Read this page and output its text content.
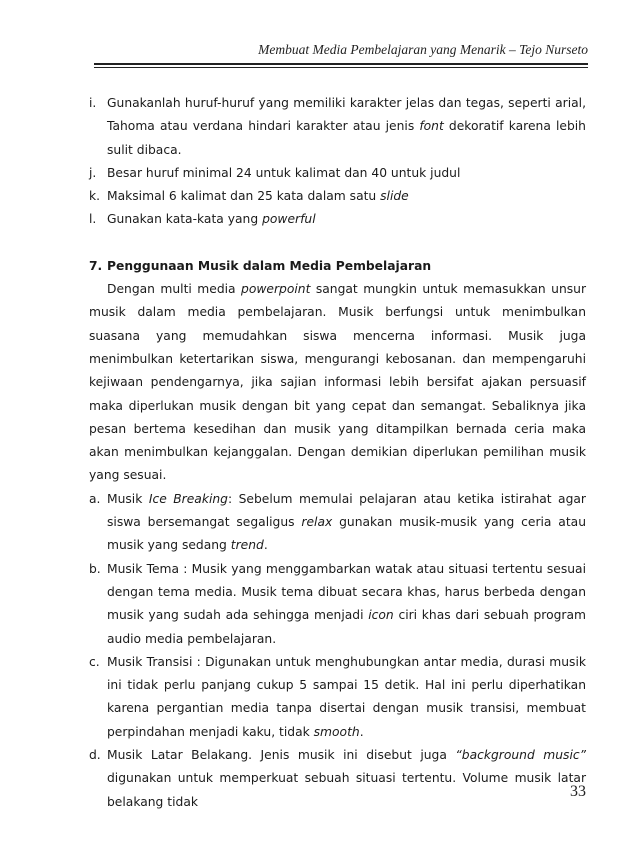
Membuat Media Pembelajaran yang Menarik – Tejo Nurseto
i. Gunakanlah huruf-huruf yang memiliki karakter jelas dan tegas, seperti arial, Tahoma atau verdana hindari karakter atau jenis font dekoratif karena lebih sulit dibaca.
j. Besar huruf minimal 24 untuk kalimat dan 40 untuk judul
k. Maksimal 6 kalimat dan 25 kata dalam satu slide
l. Gunakan kata-kata yang powerful
7. Penggunaan Musik dalam Media Pembelajaran
Dengan multi media powerpoint sangat mungkin untuk memasukkan unsur musik dalam media pembelajaran. Musik berfungsi untuk menimbulkan suasana yang memudahkan siswa mencerna informasi. Musik juga menimbulkan ketertarikan siswa, mengurangi kebosanan. dan mempengaruhi kejiwaan pendengarnya, jika sajian informasi lebih bersifat ajakan persuasif maka diperlukan musik dengan bit yang cepat dan semangat. Sebaliknya jika pesan bertema kesedihan dan musik yang ditampilkan bernada ceria maka akan menimbulkan kejanggalan. Dengan demikian diperlukan pemilihan musik yang sesuai.
a. Musik Ice Breaking: Sebelum memulai pelajaran atau ketika istirahat agar siswa bersemangat segaligus relax gunakan musik-musik yang ceria atau musik yang sedang trend.
b. Musik Tema : Musik yang menggambarkan watak atau situasi tertentu sesuai dengan tema media. Musik tema dibuat secara khas, harus berbeda dengan musik yang sudah ada sehingga menjadi icon ciri khas dari sebuah program audio media pembelajaran.
c. Musik Transisi : Digunakan untuk menghubungkan antar media, durasi musik ini tidak perlu panjang cukup 5 sampai 15 detik. Hal ini perlu diperhatikan karena pergantian media tanpa disertai dengan musik transisi, membuat perpindahan menjadi kaku, tidak smooth.
d. Musik Latar Belakang. Jenis musik ini disebut juga “background music” digunakan untuk memperkuat sebuah situasi tertentu. Volume musik latar belakang tidak
33
